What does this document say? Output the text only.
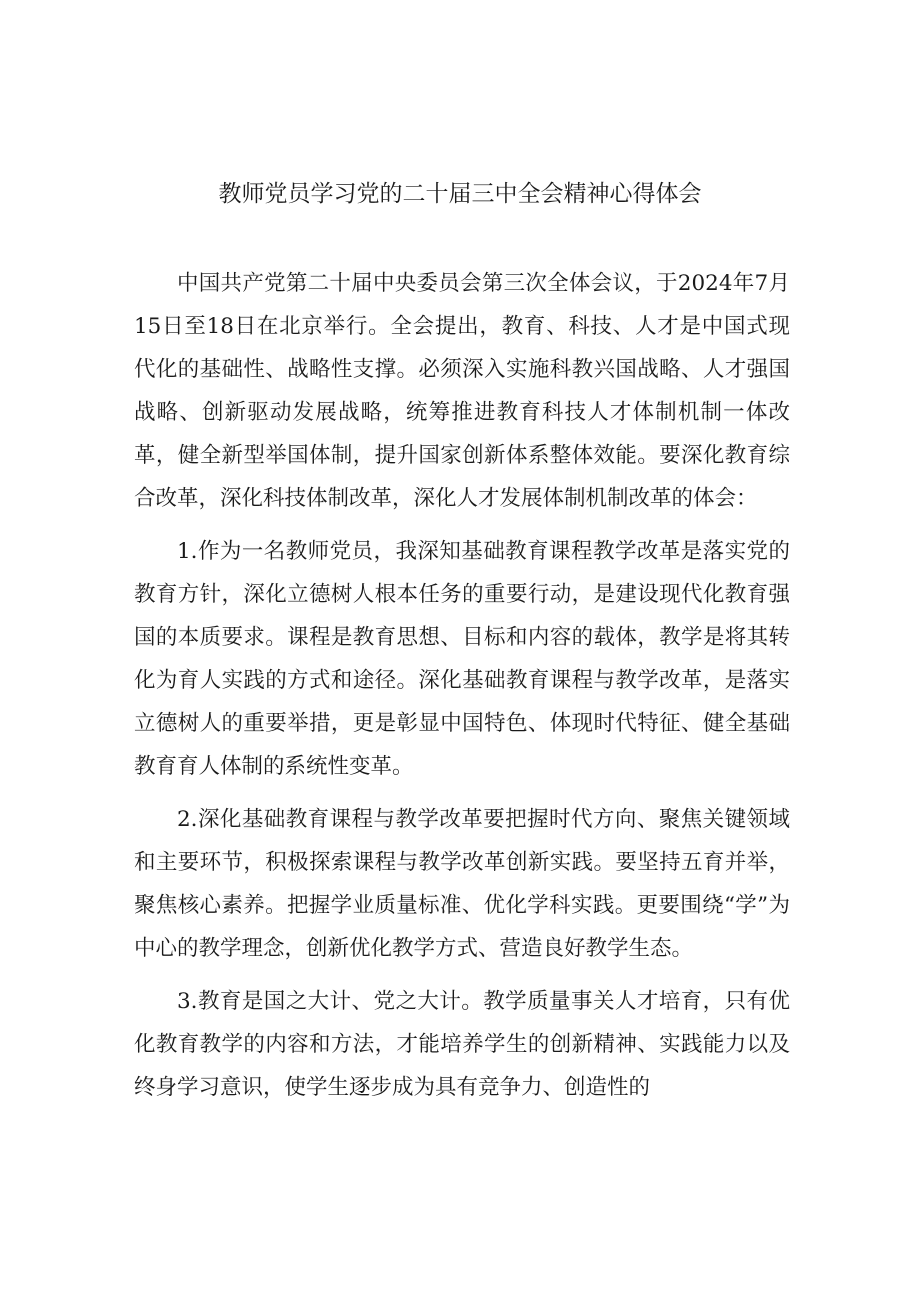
教师党员学习党的二十届三中全会精神心得体会

中国共产党第二十届中央委员会第三次全体会议，于2024年7月15日至18日在北京举行。全会提出，教育、科技、人才是中国式现代化的基础性、战略性支撑。必须深入实施科教兴国战略、人才强国战略、创新驱动发展战略，统筹推进教育科技人才体制机制一体改革，健全新型举国体制，提升国家创新体系整体效能。要深化教育综合改革，深化科技体制改革，深化人才发展体制机制改革的体会：

1.作为一名教师党员，我深知基础教育课程教学改革是落实党的教育方针，深化立德树人根本任务的重要行动，是建设现代化教育强国的本质要求。课程是教育思想、目标和内容的载体，教学是将其转化为育人实践的方式和途径。深化基础教育课程与教学改革，是落实立德树人的重要举措，更是彰显中国特色、体现时代特征、健全基础教育育人体制的系统性变革。

2.深化基础教育课程与教学改革要把握时代方向、聚焦关键领域和主要环节，积极探索课程与教学改革创新实践。要坚持五育并举，聚焦核心素养。把握学业质量标准、优化学科实践。更要围绕“学”为中心的教学理念，创新优化教学方式、营造良好教学生态。

3.教育是国之大计、党之大计。教学质量事关人才培育，只有优化教育教学的内容和方法，才能培养学生的创新精神、实践能力以及终身学习意识，使学生逐步成为具有竞争力、创造性的
